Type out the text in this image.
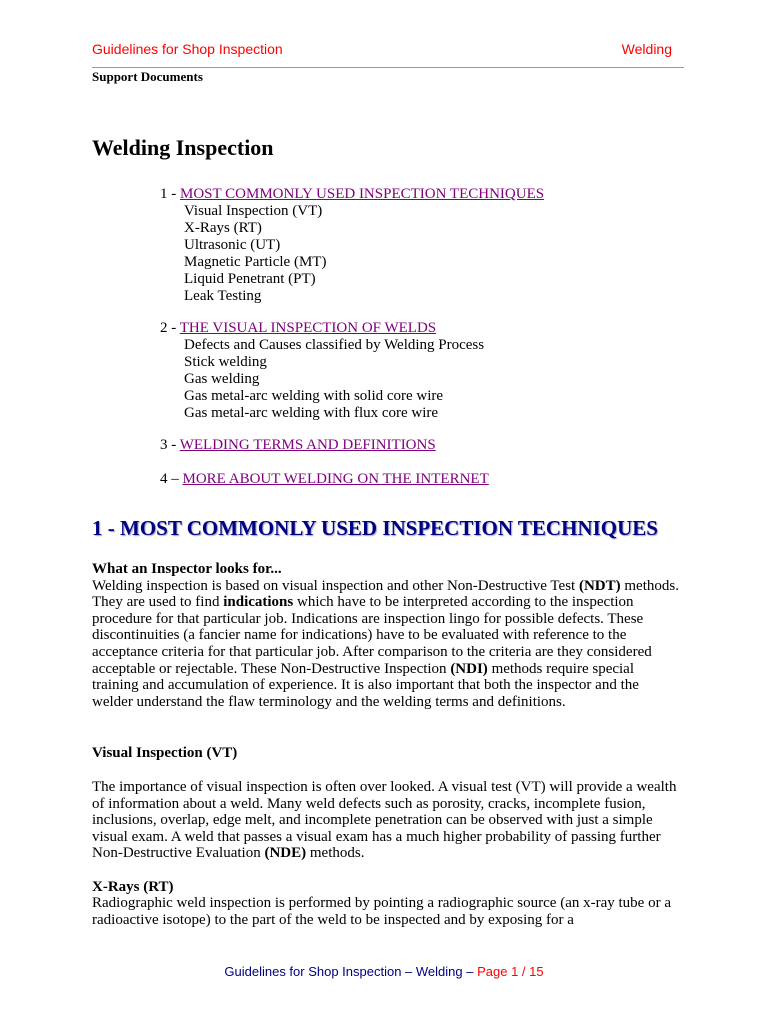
Guidelines for Shop Inspection	Welding
Support Documents
Welding Inspection
1 - MOST COMMONLY USED INSPECTION TECHNIQUES
Visual Inspection (VT)
X-Rays (RT)
Ultrasonic (UT)
Magnetic Particle (MT)
Liquid Penetrant (PT)
Leak Testing
2 - THE VISUAL INSPECTION OF WELDS
Defects and Causes classified by Welding Process
Stick welding
Gas welding
Gas metal-arc welding with solid core wire
Gas metal-arc welding with flux core wire
3 - WELDING TERMS AND DEFINITIONS
4 – MORE ABOUT WELDING ON THE INTERNET
1 - MOST COMMONLY USED INSPECTION TECHNIQUES
What an Inspector looks for...
Welding inspection is based on visual inspection and other Non-Destructive Test (NDT) methods. They are used to find indications which have to be interpreted according to the inspection procedure for that particular job. Indications are inspection lingo for possible defects. These discontinuities (a fancier name for indications) have to be evaluated with reference to the acceptance criteria for that particular job. After comparison to the criteria are they considered acceptable or rejectable. These Non-Destructive Inspection (NDI) methods require special training and accumulation of experience. It is also important that both the inspector and the welder understand the flaw terminology and the welding terms and definitions.
Visual Inspection (VT)
The importance of visual inspection is often over looked. A visual test (VT) will provide a wealth of information about a weld. Many weld defects such as porosity, cracks, incomplete fusion, inclusions, overlap, edge melt, and incomplete penetration can be observed with just a simple visual exam. A weld that passes a visual exam has a much higher probability of passing further Non-Destructive Evaluation (NDE) methods.
X-Rays (RT)
Radiographic weld inspection is performed by pointing a radiographic source (an x-ray tube or a radioactive isotope) to the part of the weld to be inspected and by exposing for a
Guidelines for Shop Inspection – Welding – Page 1 / 15
